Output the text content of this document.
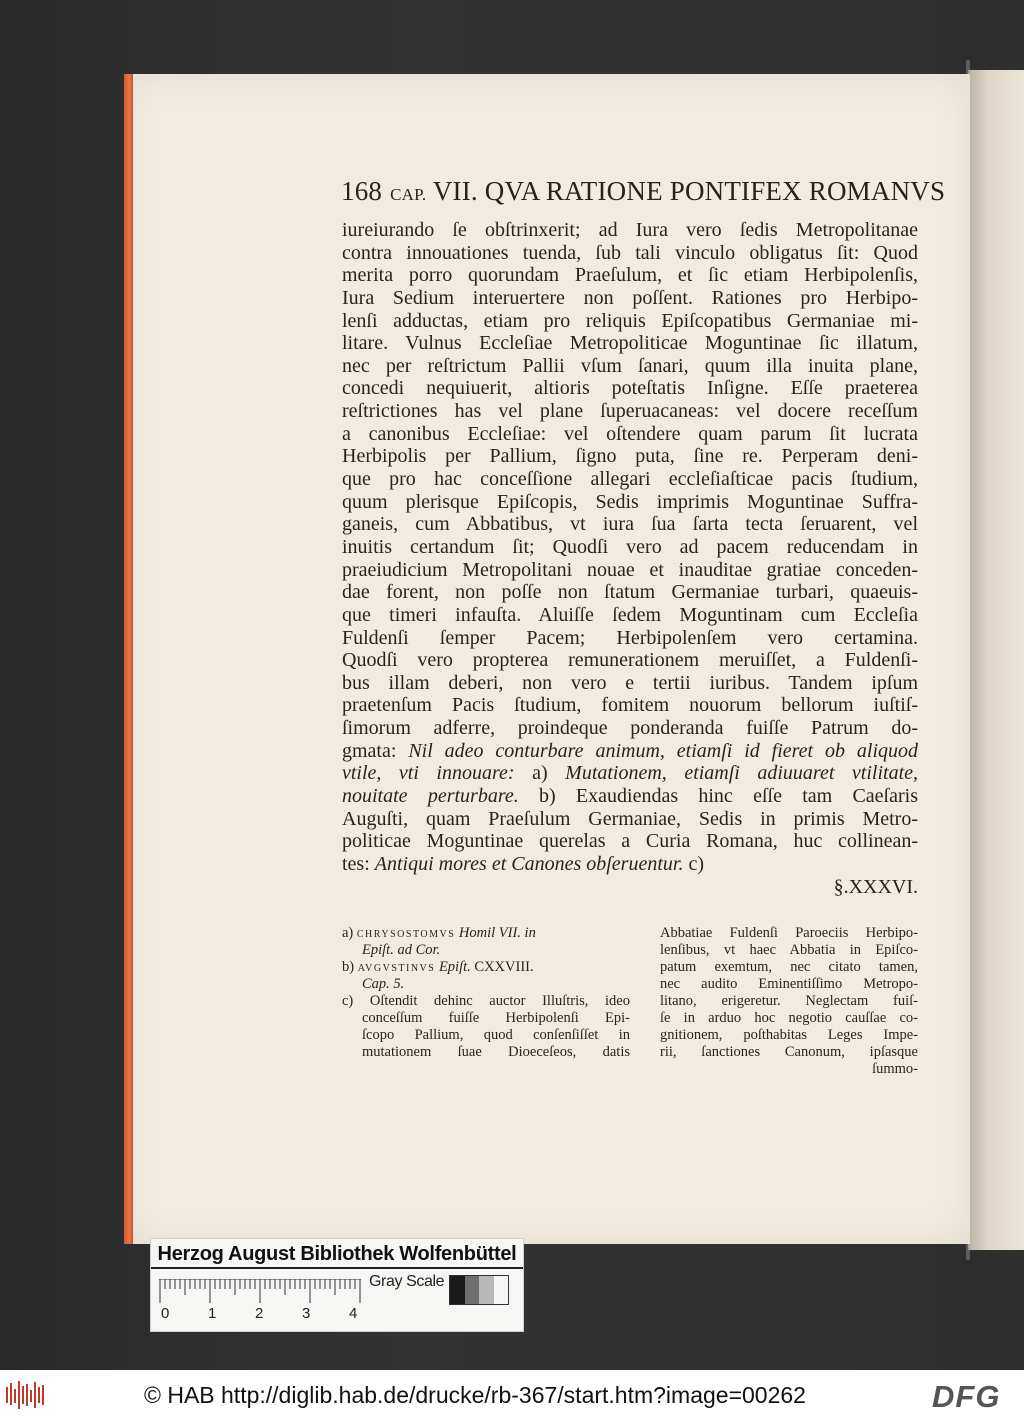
168 CAP. VII. QVA RATIONE PONTIFEX ROMANVS
iureiurando ſe obſtrinxerit; ad Iura vero ſedis Metropolitanae
contra innouationes tuenda, ſub tali vinculo obligatus ſit: Quod
merita porro quorundam Praeſulum, et ſic etiam Herbipolenſis,
Iura Sedium interuertere non poſſent. Rationes pro Herbipo-
lenſi adductas, etiam pro reliquis Epiſcopatibus Germaniae mi-
litare. Vulnus Eccleſiae Metropoliticae Moguntinae ſic illatum,
nec per reſtrictum Pallii vſum ſanari, quum illa inuita plane,
concedi nequiuerit, altioris poteſtatis Inſigne. Eſſe praeterea
reſtrictiones has vel plane ſuperuacaneas: vel docere receſſum
a canonibus Eccleſiae: vel oſtendere quam parum ſit lucrata
Herbipolis per Pallium, ſigno puta, ſine re. Perperam deni-
que pro hac conceſſione allegari eccleſiaſticae pacis ſtudium,
quum plerisque Epiſcopis, Sedis imprimis Moguntinae Suffra-
ganeis, cum Abbatibus, vt iura ſua ſarta tecta ſeruarent, vel
inuitis certandum ſit; Quodſi vero ad pacem reducendam in
praeiudicium Metropolitani nouae et inauditae gratiae conceden-
dae forent, non poſſe non ſtatum Germaniae turbari, quaeuis-
que timeri infauſta. Aluiſſe ſedem Moguntinam cum Eccleſia
Fuldenſi ſemper Pacem; Herbipolenſem vero certamina.
Quodſi vero propterea remunerationem meruiſſet, a Fuldenſi-
bus illam deberi, non vero e tertii iuribus. Tandem ipſum
praetenſum Pacis ſtudium, fomitem nouorum bellorum iuſtiſ-
ſimorum adferre, proindeque ponderanda fuiſſe Patrum do-
gmata: Nil adeo conturbare animum, etiamſi id fieret ob aliquod
vtile, vti innouare: a) Mutationem, etiamſi adiuuaret vtilitate,
nouitate perturbare. b) Exaudiendas hinc eſſe tam Caeſaris
Auguſti, quam Praeſulum Germaniae, Sedis in primis Metro-
politicae Moguntinae querelas a Curia Romana, huc collinean-
tes: Antiqui mores et Canones obſeruentur. c)
§.XXXVI.
a) chrysostomvs Homil VII. in
Epiſt. ad Cor.
b) avgvstinvs Epiſt. CXXVIII.
Cap. 5.
c) Oſtendit dehinc auctor Illuſtris, ideo
conceſſum fuiſſe Herbipolenſi Epi-
ſcopo Pallium, quod conſenſiſſet in
mutationem ſuae Dioeceſeos, datis
Abbatiae Fuldenſi Paroeciis Herbipo-
lenſibus, vt haec Abbatia in Epiſco-
patum exemtum, nec citato tamen,
nec audito Eminentiſſimo Metropo-
litano, erigeretur. Neglectam fuiſ-
ſe in arduo hoc negotio cauſſae co-
gnitionem, poſthabitas Leges Impe-
rii, ſanctiones Canonum, ipſasque
ſummo-
Herzog August Bibliothek Wolfenbüttel
Gray Scale
0	1	2	3	4
© HAB http://diglib.hab.de/drucke/rb-367/start.htm?image=00262	DFG
